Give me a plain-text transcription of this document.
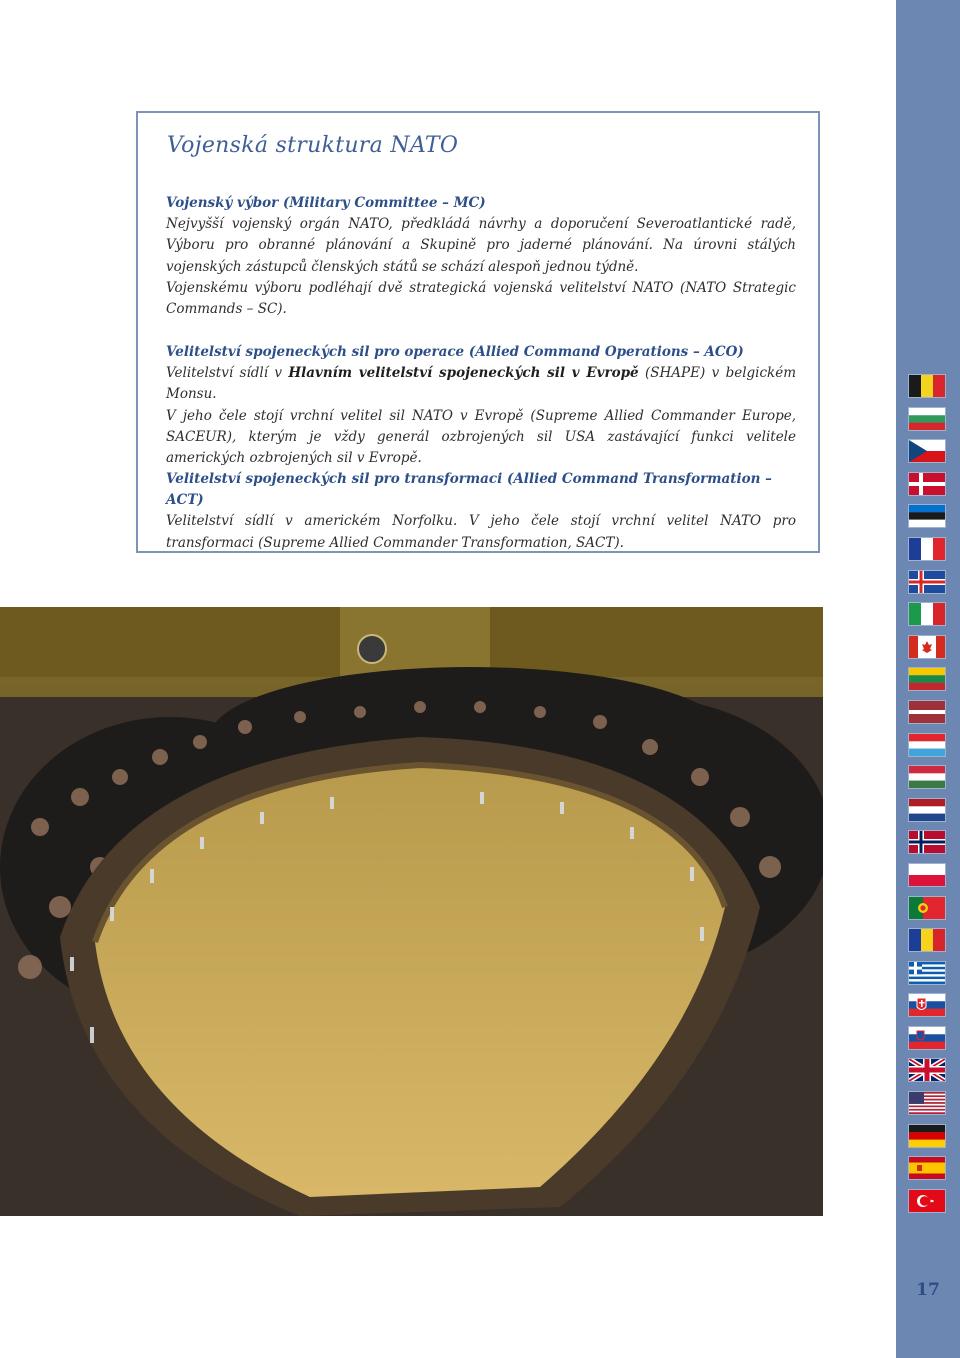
Vojenská struktura NATO
Vojenský výbor (Military Committee – MC)

Nejvyšší vojenský orgán NATO, předkládá návrhy a doporučení Severoatlantické radě, Výboru pro obranné plánování a Skupině pro jaderné plánování. Na úrovni stálých vojenských zástupců členských států se schází alespoň jednou týdně.

Vojenskému výboru podléhají dvě strategická vojenská velitelství NATO (NATO Strategic Commands – SC).

Velitelství spojeneckých sil pro operace (Allied Command Operations – ACO)

Velitelství sídlí v Hlavním velitelství spojeneckých sil v Evropě (SHAPE) v belgickém Monsu.

V jeho čele stojí vrchní velitel sil NATO v Evropě (Supreme Allied Commander Europe, SACEUR), kterým je vždy generál ozbrojených sil USA zastávající funkci velitele amerických ozbrojených sil v Evropě.

Velitelství spojeneckých sil pro transformaci (Allied Command Transformation – ACT)

Velitelství sídlí v americkém Norfolku. V jeho čele stojí vrchní velitel NATO pro transformaci (Supreme Allied Commander Transformation, SACT).

17
